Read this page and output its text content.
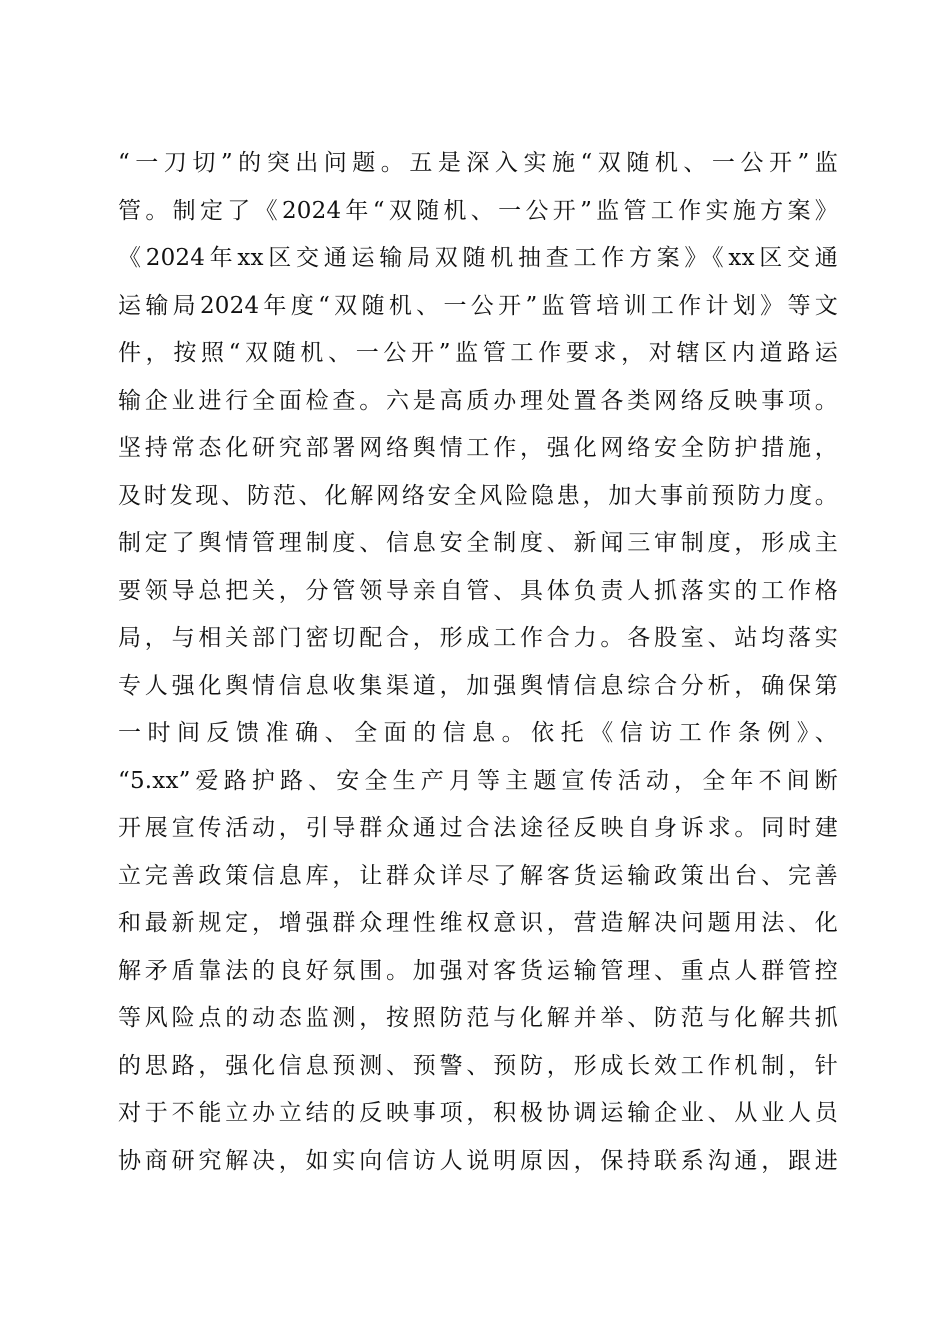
“一刀切”的突出问题。五是深入实施“双随机、一公开”监
管。制定了《2024年“双随机、一公开”监管工作实施方案》
《2024年xx区交通运输局双随机抽查工作方案》《xx区交通
运输局2024年度“双随机、一公开”监管培训工作计划》等文
件，按照“双随机、一公开”监管工作要求，对辖区内道路运
输企业进行全面检查。六是高质办理处置各类网络反映事项。
坚持常态化研究部署网络舆情工作，强化网络安全防护措施，
及时发现、防范、化解网络安全风险隐患，加大事前预防力度。
制定了舆情管理制度、信息安全制度、新闻三审制度，形成主
要领导总把关，分管领导亲自管、具体负责人抓落实的工作格
局，与相关部门密切配合，形成工作合力。各股室、站均落实
专人强化舆情信息收集渠道，加强舆情信息综合分析，确保第
一时间反馈准确、全面的信息。依托《信访工作条例》、
“5.xx”爱路护路、安全生产月等主题宣传活动，全年不间断
开展宣传活动，引导群众通过合法途径反映自身诉求。同时建
立完善政策信息库，让群众详尽了解客货运输政策出台、完善
和最新规定，增强群众理性维权意识，营造解决问题用法、化
解矛盾靠法的良好氛围。加强对客货运输管理、重点人群管控
等风险点的动态监测，按照防范与化解并举、防范与化解共抓
的思路，强化信息预测、预警、预防，形成长效工作机制，针
对于不能立办立结的反映事项，积极协调运输企业、从业人员
协商研究解决，如实向信访人说明原因，保持联系沟通，跟进
